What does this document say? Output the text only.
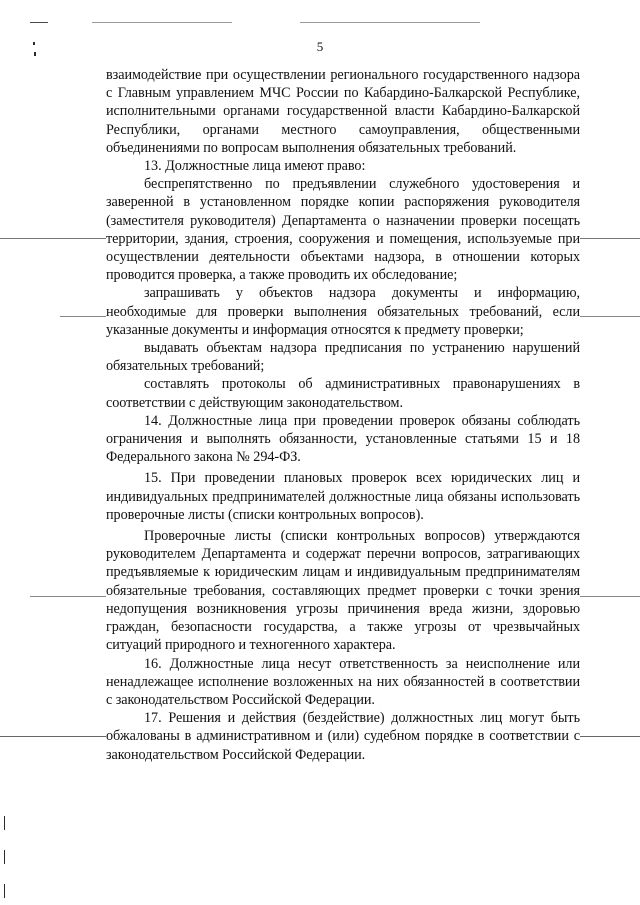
5

взаимодействие при осуществлении регионального государственного надзора с Главным управлением МЧС России по Кабардино-Балкарской Республике, исполнительными органами государственной власти Кабардино-Балкарской Республики, органами местного самоуправления, общественными объединениями по вопросам выполнения обязательных требований.

13. Должностные лица имеют право:

беспрепятственно по предъявлении служебного удостоверения и заверенной в установленном порядке копии распоряжения руководителя (заместителя руководителя) Департамента о назначении проверки посещать территории, здания, строения, сооружения и помещения, используемые при осуществлении деятельности объектами надзора, в отношении которых проводится проверка, а также проводить их обследование;

запрашивать у объектов надзора документы и информацию, необходимые для проверки выполнения обязательных требований, если указанные документы и информация относятся к предмету проверки;

выдавать объектам надзора предписания по устранению нарушений обязательных требований;

составлять протоколы об административных правонарушениях в соответствии с действующим законодательством.

14. Должностные лица при проведении проверок обязаны соблюдать ограничения и выполнять обязанности, установленные статьями 15 и 18 Федерального закона № 294-ФЗ.

15. При проведении плановых проверок всех юридических лиц и индивидуальных предпринимателей должностные лица обязаны использовать проверочные листы (списки контрольных вопросов).

Проверочные листы (списки контрольных вопросов) утверждаются руководителем Департамента и содержат перечни вопросов, затрагивающих предъявляемые к юридическим лицам и индивидуальным предпринимателям обязательные требования, составляющих предмет проверки с точки зрения недопущения возникновения угрозы причинения вреда жизни, здоровью граждан, безопасности государства, а также угрозы от чрезвычайных ситуаций природного и техногенного характера.

16. Должностные лица несут ответственность за неисполнение или ненадлежащее исполнение возложенных на них обязанностей в соответствии с законодательством Российской Федерации.

17. Решения и действия (бездействие) должностных лиц могут быть обжалованы в административном и (или) судебном порядке в соответствии с законодательством Российской Федерации.
